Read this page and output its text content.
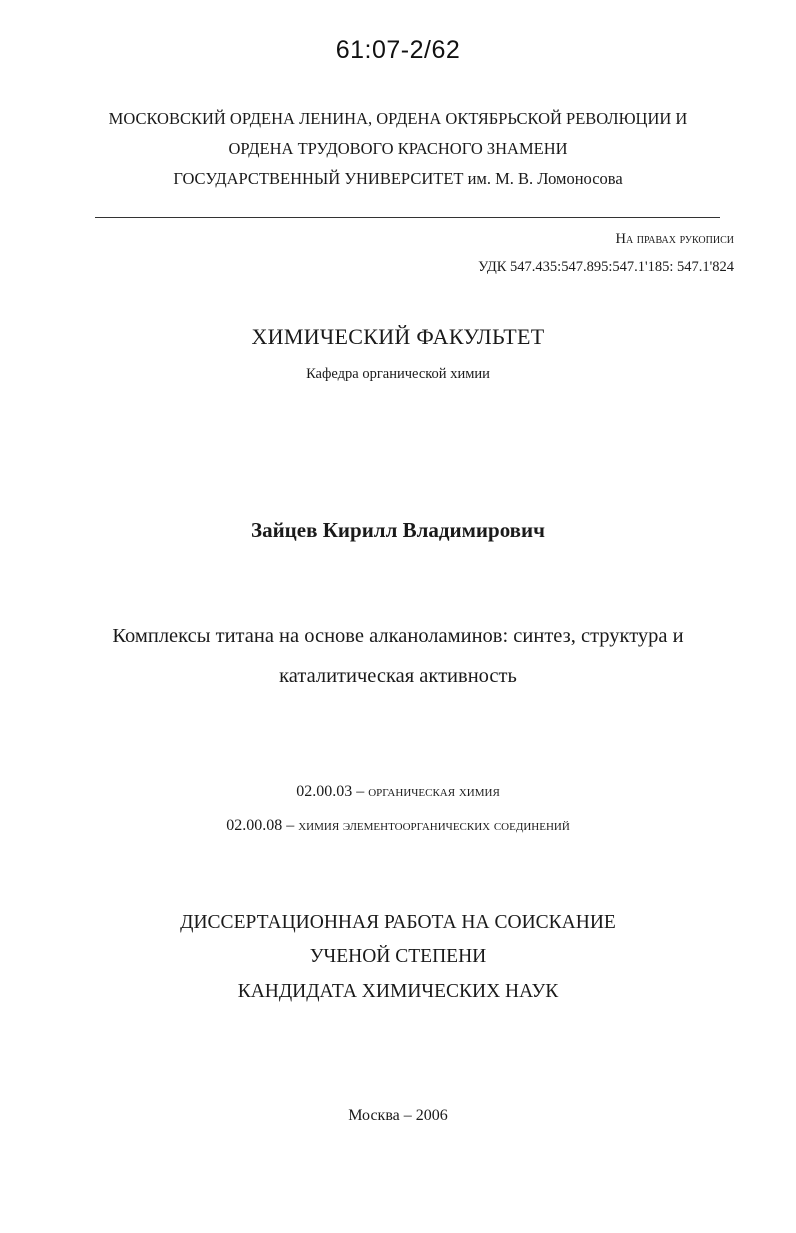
61:07-2/62
МОСКОВСКИЙ ОРДЕНА ЛЕНИНА, ОРДЕНА ОКТЯБРЬСКОЙ РЕВОЛЮЦИИ И
ОРДЕНА ТРУДОВОГО КРАСНОГО ЗНАМЕНИ
ГОСУДАРСТВЕННЫЙ УНИВЕРСИТЕТ им. М. В. Ломоносова
На правах рукописи
УДК 547.435:547.895:547.1'185: 547.1'824
ХИМИЧЕСКИЙ ФАКУЛЬТЕТ
Кафедра органической химии
Зайцев Кирилл Владимирович
Комплексы титана на основе алканоламинов: синтез, структура и
каталитическая активность
02.00.03 – органическая химия
02.00.08 – химия элементоорганических соединений
ДИССЕРТАЦИОННАЯ РАБОТА НА СОИСКАНИЕ
УЧЕНОЙ СТЕПЕНИ
КАНДИДАТА ХИМИЧЕСКИХ НАУК
Москва – 2006
